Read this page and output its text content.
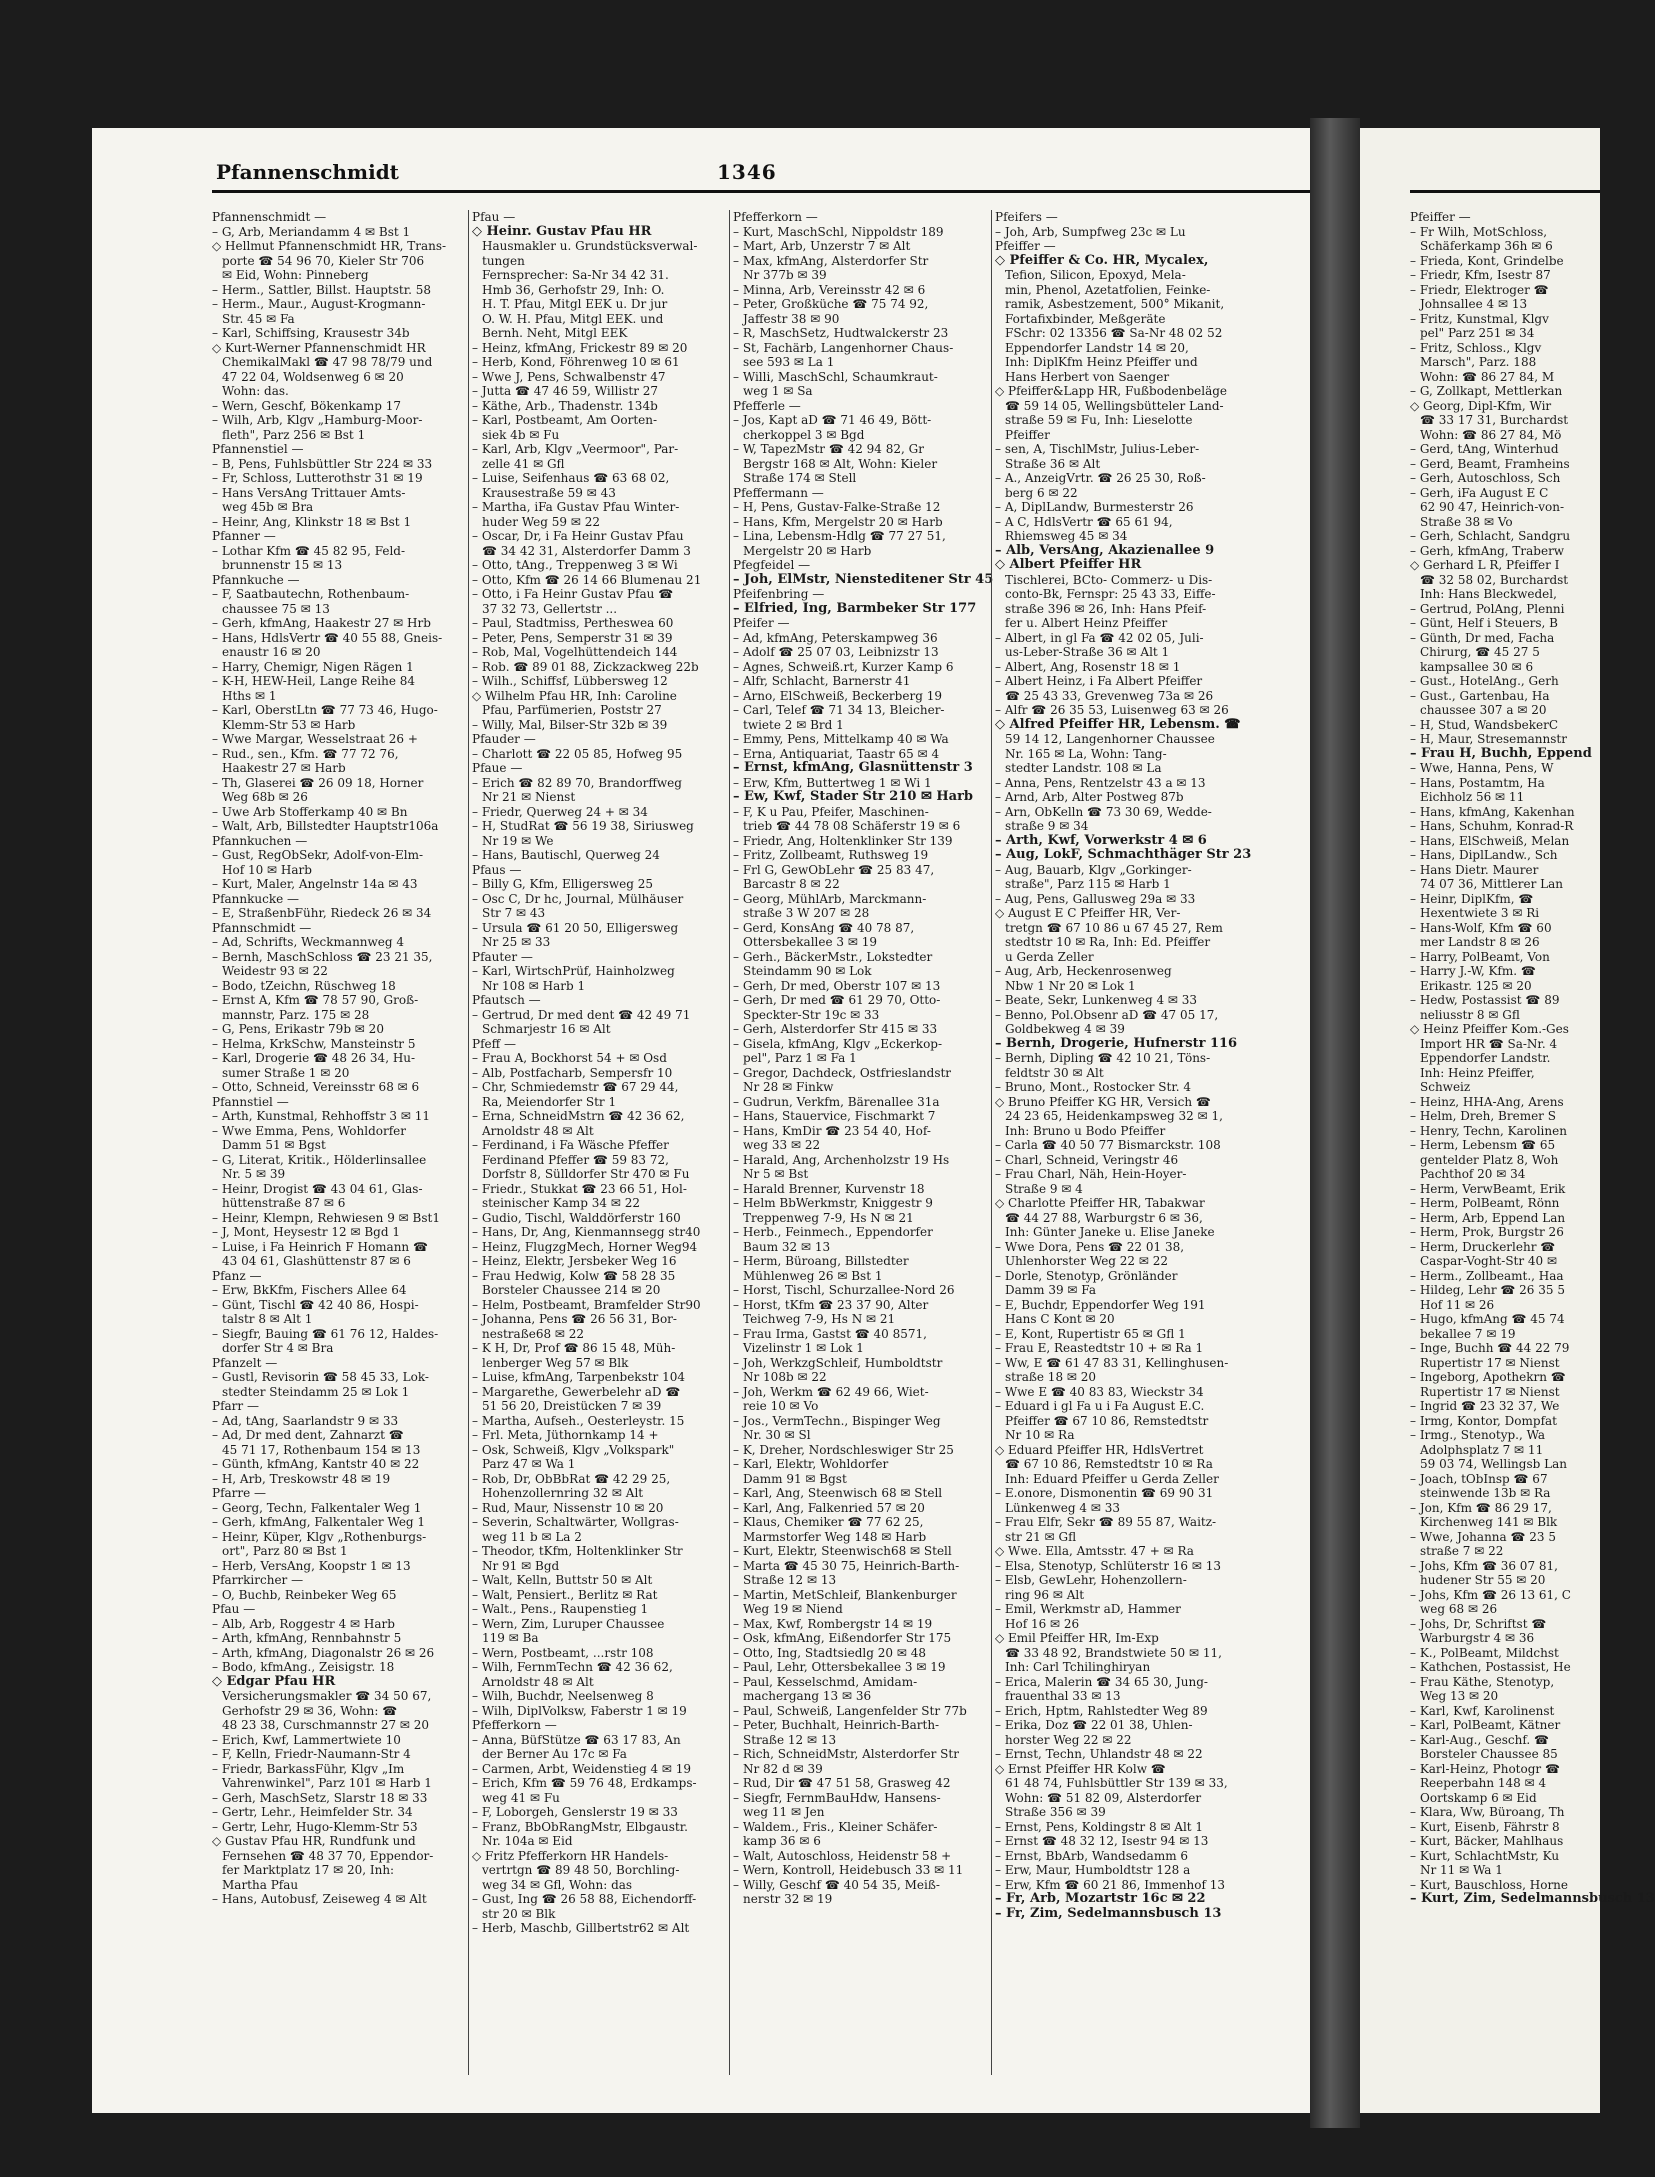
Pfannenschmidt	1346
Pfannenschmidt —
– G, Arb, Meriandamm 4 ✉ Bst 1
◇ Hellmut Pfannenschmidt HR, Trans-
porte ☎ 54 96 70, Kieler Str 706
✉ Eid, Wohn: Pinneberg
– Herm., Sattler, Billst. Hauptstr. 58
– Herm., Maur., August-Krogmann-
Str. 45 ✉ Fa
– Karl, Schiffsing, Krausestr 34b
◇ Kurt-Werner Pfannenschmidt HR
ChemikalMakl ☎ 47 98 78/79 und
47 22 04, Woldsenweg 6 ✉ 20
Wohn: das.
– Wern, Geschf, Bökenkamp 17
– Wilh, Arb, Klgv „Hamburg-Moor-
fleth", Parz 256 ✉ Bst 1
Pfannenstiel —
– B, Pens, Fuhlsbüttler Str 224 ✉ 33
– Fr, Schloss, Lutterothstr 31 ✉ 19
– Hans VersAng Trittauer Amts-
weg 45b ✉ Bra
– Heinr, Ang, Klinkstr 18 ✉ Bst 1
Pfanner —
– Lothar Kfm ☎ 45 82 95, Feld-
brunnenstr 15 ✉ 13
Pfannkuche —
– F, Saatbautechn, Rothenbaum-
chaussee 75 ✉ 13
– Gerh, kfmAng, Haakestr 27 ✉ Hrb
– Hans, HdlsVertr ☎ 40 55 88, Gneis-
enaustr 16 ✉ 20
– Harry, Chemigr, Nigen Rägen 1
– K-H, HEW-Heil, Lange Reihe 84
Hths ✉ 1
– Karl, OberstLtn ☎ 77 73 46, Hugo-
Klemm-Str 53 ✉ Harb
– Wwe Margar, Wesselstraat 26 +
– Rud., sen., Kfm. ☎ 77 72 76,
Haakestr 27 ✉ Harb
– Th, Glaserei ☎ 26 09 18, Horner
Weg 68b ✉ 26
– Uwe Arb Stofferkamp 40 ✉ Bn
– Walt, Arb, Billstedter Hauptstr106a
Pfannkuchen —
– Gust, RegObSekr, Adolf-von-Elm-
Hof 10 ✉ Harb
– Kurt, Maler, Angelnstr 14a ✉ 43
Pfannkucke —
– E, StraßenbFühr, Riedeck 26 ✉ 34
Pfannschmidt —
– Ad, Schrifts, Weckmannweg 4
– Bernh, MaschSchloss ☎ 23 21 35,
Weidestr 93 ✉ 22
– Bodo, tZeichn, Rüschweg 18
– Ernst A, Kfm ☎ 78 57 90, Groß-
mannstr, Parz. 175 ✉ 28
– G, Pens, Erikastr 79b ✉ 20
– Helma, KrkSchw, Mansteinstr 5
– Karl, Drogerie ☎ 48 26 34, Hu-
sumer Straße 1 ✉ 20
– Otto, Schneid, Vereinsstr 68 ✉ 6
Pfannstiel —
– Arth, Kunstmal, Rehhoffstr 3 ✉ 11
– Wwe Emma, Pens, Wohldorfer
Damm 51 ✉ Bgst
– G, Literat, Kritik., Hölderlinsallee
Nr. 5 ✉ 39
– Heinr, Drogist ☎ 43 04 61, Glas-
hüttenstraße 87 ✉ 6
– Heinr, Klempn, Rehwiesen 9 ✉ Bst1
– J, Mont, Heysestr 12 ✉ Bgd 1
– Luise, i Fa Heinrich F Homann ☎
43 04 61, Glashüttenstr 87 ✉ 6
Pfanz —
– Erw, BkKfm, Fischers Allee 64
– Günt, Tischl ☎ 42 40 86, Hospi-
talstr 8 ✉ Alt 1
– Siegfr, Bauing ☎ 61 76 12, Haldes-
dorfer Str 4 ✉ Bra
Pfanzelt —
– Gustl, Revisorin ☎ 58 45 33, Lok-
stedter Steindamm 25 ✉ Lok 1
Pfarr —
– Ad, tAng, Saarlandstr 9 ✉ 33
– Ad, Dr med dent, Zahnarzt ☎
45 71 17, Rothenbaum 154 ✉ 13
– Günth, kfmAng, Kantstr 40 ✉ 22
– H, Arb, Treskowstr 48 ✉ 19
Pfarre —
– Georg, Techn, Falkentaler Weg 1
– Gerh, kfmAng, Falkentaler Weg 1
– Heinr, Küper, Klgv „Rothenburgs-
ort", Parz 80 ✉ Bst 1
– Herb, VersAng, Koopstr 1 ✉ 13
Pfarrkircher —
– O, Buchb, Reinbeker Weg 65
Pfau —
– Alb, Arb, Roggestr 4 ✉ Harb
– Arth, kfmAng, Rennbahnstr 5
– Arth, kfmAng, Diagonalstr 26 ✉ 26
– Bodo, kfmAng., Zeisigstr. 18
◇ Edgar Pfau HR
Versicherungsmakler ☎ 34 50 67,
Gerhofstr 29 ✉ 36, Wohn: ☎
48 23 38, Curschmannstr 27 ✉ 20
– Erich, Kwf, Lammertwiete 10
– F, Kelln, Friedr-Naumann-Str 4
– Friedr, BarkassFühr, Klgv „Im
Vahrenwinkel", Parz 101 ✉ Harb 1
– Gerh, MaschSetz, Slarstr 18 ✉ 33
– Gertr, Lehr., Heimfelder Str. 34
– Gertr, Lehr, Hugo-Klemm-Str 53
◇ Gustav Pfau HR, Rundfunk und
Fernsehen ☎ 48 37 70, Eppendor-
fer Marktplatz 17 ✉ 20, Inh:
Martha Pfau
– Hans, Autobusf, Zeiseweg 4 ✉ Alt
Pfau —
◇ Heinr. Gustav Pfau HR
Hausmakler u. Grundstücksverwal-
tungen
Fernsprecher: Sa-Nr 34 42 31.
Hmb 36, Gerhofstr 29, Inh: O.
H. T. Pfau, Mitgl EEK u. Dr jur
O. W. H. Pfau, Mitgl EEK. und
Bernh. Neht, Mitgl EEK
– Heinz, kfmAng, Frickestr 89 ✉ 20
– Herb, Kond, Föhrenweg 10 ✉ 61
– Wwe J, Pens, Schwalbenstr 47
– Jutta ☎ 47 46 59, Willistr 27
– Käthe, Arb., Thadenstr. 134b
– Karl, Postbeamt, Am Oorten-
siek 4b ✉ Fu
– Karl, Arb, Klgv „Veermoor", Par-
zelle 41 ✉ Gfl
– Luise, Seifenhaus ☎ 63 68 02,
Krausestraße 59 ✉ 43
– Martha, iFa Gustav Pfau Winter-
huder Weg 59 ✉ 22
– Oscar, Dr, i Fa Heinr Gustav Pfau
☎ 34 42 31, Alsterdorfer Damm 3
– Otto, tAng., Treppenweg 3 ✉ Wi
– Otto, Kfm ☎ 26 14 66 Blumenau 21
– Otto, i Fa Heinr Gustav Pfau ☎
37 32 73, Gellertstr ...
– Paul, Stadtmiss, Pertheswea 60
– Peter, Pens, Semperstr 31 ✉ 39
– Rob, Mal, Vogelhüttendeich 144
– Rob. ☎ 89 01 88, Zickzackweg 22b
– Wilh., Schiffsf, Lübbersweg 12
◇ Wilhelm Pfau HR, Inh: Caroline
Pfau, Parfümerien, Poststr 27
– Willy, Mal, Bilser-Str 32b ✉ 39
Pfauder —
– Charlott ☎ 22 05 85, Hofweg 95
Pfaue —
– Erich ☎ 82 89 70, Brandorffweg
Nr 21 ✉ Nienst
– Friedr, Querweg 24 + ✉ 34
– H, StudRat ☎ 56 19 38, Siriusweg
Nr 19 ✉ We
– Hans, Bautischl, Querweg 24
Pfaus —
– Billy G, Kfm, Elligersweg 25
– Osc C, Dr hc, Journal, Mülhäuser
Str 7 ✉ 43
– Ursula ☎ 61 20 50, Elligersweg
Nr 25 ✉ 33
Pfauter —
– Karl, WirtschPrüf, Hainholzweg
Nr 108 ✉ Harb 1
Pfautsch —
– Gertrud, Dr med dent ☎ 42 49 71
Schmarjestr 16 ✉ Alt
Pfeff —
– Frau A, Bockhorst 54 + ✉ Osd
– Alb, Postfacharb, Sempersfr 10
– Chr, Schmiedemstr ☎ 67 29 44,
Ra, Meiendorfer Str 1
– Erna, SchneidMstrn ☎ 42 36 62,
Arnoldstr 48 ✉ Alt
– Ferdinand, i Fa Wäsche Pfeffer
Ferdinand Pfeffer ☎ 59 83 72,
Dorfstr 8, Sülldorfer Str 470 ✉ Fu
– Friedr., Stukkat ☎ 23 66 51, Hol-
steinischer Kamp 34 ✉ 22
– Gudio, Tischl, Walddörferstr 160
– Hans, Dr, Ang, Kienmannsegg str40
– Heinz, FlugzgMech, Horner Weg94
– Heinz, Elektr, Jersbeker Weg 16
– Frau Hedwig, Kolw ☎ 58 28 35
Borsteler Chaussee 214 ✉ 20
– Helm, Postbeamt, Bramfelder Str90
– Johanna, Pens ☎ 26 56 31, Bor-
nestraße68 ✉ 22
– K H, Dr, Prof ☎ 86 15 48, Müh-
lenberger Weg 57 ✉ Blk
– Luise, kfmAng, Tarpenbekstr 104
– Margarethe, Gewerbelehr aD ☎
51 56 20, Dreistücken 7 ✉ 39
– Martha, Aufseh., Oesterleystr. 15
– Frl. Meta, Jüthornkamp 14 +
– Osk, Schweiß, Klgv „Volkspark"
Parz 47 ✉ Wa 1
– Rob, Dr, ObBbRat ☎ 42 29 25,
Hohenzollernring 32 ✉ Alt
– Rud, Maur, Nissenstr 10 ✉ 20
– Severin, Schaltwärter, Wollgras-
weg 11 b ✉ La 2
– Theodor, tKfm, Holtenklinker Str
Nr 91 ✉ Bgd
– Walt, Kelln, Buttstr 50 ✉ Alt
– Walt, Pensiert., Berlitz ✉ Rat
– Walt., Pens., Raupenstieg 1
– Wern, Zim, Luruper Chaussee
119 ✉ Ba
– Wern, Postbeamt, ...rstr 108
– Wilh, FernmTechn ☎ 42 36 62,
Arnoldstr 48 ✉ Alt
– Wilh, Buchdr, Neelsenweg 8
– Wilh, DiplVolksw, Faberstr 1 ✉ 19
Pfefferkorn —
– Anna, BüfStütze ☎ 63 17 83, An
der Berner Au 17c ✉ Fa
– Carmen, Arbt, Weidenstieg 4 ✉ 19
– Erich, Kfm ☎ 59 76 48, Erdkamps-
weg 41 ✉ Fu
– F, Loborgeh, Genslerstr 19 ✉ 33
– Franz, BbObRangMstr, Elbgaustr.
Nr. 104a ✉ Eid
◇ Fritz Pfefferkorn HR Handels-
vertrtgn ☎ 89 48 50, Borchling-
weg 34 ✉ Gfl, Wohn: das
– Gust, Ing ☎ 26 58 88, Eichendorff-
str 20 ✉ Blk
– Herb, Maschb, Gillbertstr62 ✉ Alt
Pfefferkorn —
– Kurt, MaschSchl, Nippoldstr 189
– Mart, Arb, Unzerstr 7 ✉ Alt
– Max, kfmAng, Alsterdorfer Str
Nr 377b ✉ 39
– Minna, Arb, Vereinsstr 42 ✉ 6
– Peter, Großküche ☎ 75 74 92,
Jaffestr 38 ✉ 90
– R, MaschSetz, Hudtwalckerstr 23
– St, Fachärb, Langenhorner Chaus-
see 593 ✉ La 1
– Willi, MaschSchl, Schaumkraut-
weg 1 ✉ Sa
Pfefferle —
– Jos, Kapt aD ☎ 71 46 49, Bött-
cherkoppel 3 ✉ Bgd
– W, TapezMstr ☎ 42 94 82, Gr
Bergstr 168 ✉ Alt, Wohn: Kieler
Straße 174 ✉ Stell
Pfeffermann —
– H, Pens, Gustav-Falke-Straße 12
– Hans, Kfm, Mergelstr 20 ✉ Harb
– Lina, Lebensm-Hdlg ☎ 77 27 51,
Mergelstr 20 ✉ Harb
Pfegfeidel —
– Joh, ElMstr, Niensteditener Str 45
Pfeifenbring —
– Elfried, Ing, Barmbeker Str 177
Pfeifer —
– Ad, kfmAng, Peterskampweg 36
– Adolf ☎ 25 07 03, Leibnizstr 13
– Agnes, Schweiß.rt, Kurzer Kamp 6
– Alfr, Schlacht, Barnerstr 41
– Arno, ElSchweiß, Beckerberg 19
– Carl, Telef ☎ 71 34 13, Bleicher-
twiete 2 ✉ Brd 1
– Emmy, Pens, Mittelkamp 40 ✉ Wa
– Erna, Antiquariat, Taastr 65 ✉ 4
– Ernst, kfmAng, Glasnüttenstr 3
– Erw, Kfm, Buttertweg 1 ✉ Wi 1
– Ew, Kwf, Stader Str 210 ✉ Harb
– F, K u Pau, Pfeifer, Maschinen-
trieb ☎ 44 78 08 Schäferstr 19 ✉ 6
– Friedr, Ang, Holtenklinker Str 139
– Fritz, Zollbeamt, Ruthsweg 19
– Frl G, GewObLehr ☎ 25 83 47,
Barcastr 8 ✉ 22
– Georg, MühlArb, Marckmann-
straße 3 W 207 ✉ 28
– Gerd, KonsAng ☎ 40 78 87,
Ottersbekallee 3 ✉ 19
– Gerh., BäckerMstr., Lokstedter
Steindamm 90 ✉ Lok
– Gerh, Dr med, Oberstr 107 ✉ 13
– Gerh, Dr med ☎ 61 29 70, Otto-
Speckter-Str 19c ✉ 33
– Gerh, Alsterdorfer Str 415 ✉ 33
– Gisela, kfmAng, Klgv „Eckerkop-
pel", Parz 1 ✉ Fa 1
– Gregor, Dachdeck, Ostfrieslandstr
Nr 28 ✉ Finkw
– Gudrun, Verkfm, Bärenallee 31a
– Hans, Stauervice, Fischmarkt 7
– Hans, KmDir ☎ 23 54 40, Hof-
weg 33 ✉ 22
– Harald, Ang, Archenholzstr 19 Hs
Nr 5 ✉ Bst
– Harald Brenner, Kurvenstr 18
– Helm BbWerkmstr, Kniggestr 9
Treppenweg 7-9, Hs N ✉ 21
– Herb., Feinmech., Eppendorfer
Baum 32 ✉ 13
– Herm, Büroang, Billstedter
Mühlenweg 26 ✉ Bst 1
– Horst, Tischl, Schurzallee-Nord 26
– Horst, tKfm ☎ 23 37 90, Alter
Teichweg 7-9, Hs N ✉ 21
– Frau Irma, Gastst ☎ 40 8571,
Vizelinstr 1 ✉ Lok 1
– Joh, WerkzgSchleif, Humboldtstr
Nr 108b ✉ 22
– Joh, Werkm ☎ 62 49 66, Wiet-
reie 10 ✉ Vo
– Jos., VermTechn., Bispinger Weg
Nr. 30 ✉ Sl
– K, Dreher, Nordschleswiger Str 25
– Karl, Elektr, Wohldorfer
Damm 91 ✉ Bgst
– Karl, Ang, Steenwisch 68 ✉ Stell
– Karl, Ang, Falkenried 57 ✉ 20
– Klaus, Chemiker ☎ 77 62 25,
Marmstorfer Weg 148 ✉ Harb
– Kurt, Elektr, Steenwisch68 ✉ Stell
– Marta ☎ 45 30 75, Heinrich-Barth-
Straße 12 ✉ 13
– Martin, MetSchleif, Blankenburger
Weg 19 ✉ Niend
– Max, Kwf, Rombergstr 14 ✉ 19
– Osk, kfmAng, Eißendorfer Str 175
– Otto, Ing, Stadtsiedlg 20 ✉ 48
– Paul, Lehr, Ottersbekallee 3 ✉ 19
– Paul, Kesselschmd, Amidam-
machergang 13 ✉ 36
– Paul, Schweiß, Langenfelder Str 77b
– Peter, Buchhalt, Heinrich-Barth-
Straße 12 ✉ 13
– Rich, SchneidMstr, Alsterdorfer Str
Nr 82 d ✉ 39
– Rud, Dir ☎ 47 51 58, Grasweg 42
– Siegfr, FernmBauHdw, Hansens-
weg 11 ✉ Jen
– Waldem., Fris., Kleiner Schäfer-
kamp 36 ✉ 6
– Walt, Autoschloss, Heidenstr 58 +
– Wern, Kontroll, Heidebusch 33 ✉ 11
– Willy, Geschf ☎ 40 54 35, Meiß-
nerstr 32 ✉ 19
Pfeifers —
– Joh, Arb, Sumpfweg 23c ✉ Lu
Pfeiffer —
◇ Pfeiffer & Co. HR, Mycalex,
Tefion, Silicon, Epoxyd, Mela-
min, Phenol, Azetatfolien, Feinke-
ramik, Asbestzement, 500° Mikanit,
Fortafixbinder, Meßgeräte
FSchr: 02 13356 ☎ Sa-Nr 48 02 52
Eppendorfer Landstr 14 ✉ 20,
Inh: DiplKfm Heinz Pfeiffer und
Hans Herbert von Saenger
◇ Pfeiffer&Lapp HR, Fußbodenbeläge
☎ 59 14 05, Wellingsbütteler Land-
straße 59 ✉ Fu, Inh: Lieselotte
Pfeiffer
– sen, A, TischlMstr, Julius-Leber-
Straße 36 ✉ Alt
– A., AnzeigVrtr. ☎ 26 25 30, Roß-
berg 6 ✉ 22
– A, DiplLandw, Burmesterstr 26
– A C, HdlsVertr ☎ 65 61 94,
Rhiemsweg 45 ✉ 34
– Alb, VersAng, Akazienallee 9
◇ Albert Pfeiffer HR
Tischlerei, BCto- Commerz- u Dis-
conto-Bk, Fernspr: 25 43 33, Eiffe-
straße 396 ✉ 26, Inh: Hans Pfeif-
fer u. Albert Heinz Pfeiffer
– Albert, in gl Fa ☎ 42 02 05, Juli-
us-Leber-Straße 36 ✉ Alt 1
– Albert, Ang, Rosenstr 18 ✉ 1
– Albert Heinz, i Fa Albert Pfeiffer
☎ 25 43 33, Grevenweg 73a ✉ 26
– Alfr ☎ 26 35 53, Luisenweg 63 ✉ 26
◇ Alfred Pfeiffer HR, Lebensm. ☎
59 14 12, Langenhorner Chaussee
Nr. 165 ✉ La, Wohn: Tang-
stedter Landstr. 108 ✉ La
– Anna, Pens, Rentzelstr 43 a ✉ 13
– Arnd, Arb, Alter Postweg 87b
– Arn, ObKelln ☎ 73 30 69, Wedde-
straße 9 ✉ 34
– Arth, Kwf, Vorwerkstr 4 ✉ 6
– Aug, LokF, Schmachthäger Str 23
– Aug, Bauarb, Klgv „Gorkinger-
straße", Parz 115 ✉ Harb 1
– Aug, Pens, Gallusweg 29a ✉ 33
◇ August E C Pfeiffer HR, Ver-
tretgn ☎ 67 10 86 u 67 45 27, Rem
stedtstr 10 ✉ Ra, Inh: Ed. Pfeiffer
u Gerda Zeller
– Aug, Arb, Heckenrosenweg
Nbw 1 Nr 20 ✉ Lok 1
– Beate, Sekr, Lunkenweg 4 ✉ 33
– Benno, Pol.Obsenr aD ☎ 47 05 17,
Goldbekweg 4 ✉ 39
– Bernh, Drogerie, Hufnerstr 116
– Bernh, Dipling ☎ 42 10 21, Töns-
feldtstr 30 ✉ Alt
– Bruno, Mont., Rostocker Str. 4
◇ Bruno Pfeiffer KG HR, Versich ☎
24 23 65, Heidenkampsweg 32 ✉ 1,
Inh: Bruno u Bodo Pfeiffer
– Carla ☎ 40 50 77 Bismarckstr. 108
– Charl, Schneid, Veringstr 46
– Frau Charl, Näh, Hein-Hoyer-
Straße 9 ✉ 4
◇ Charlotte Pfeiffer HR, Tabakwar
☎ 44 27 88, Warburgstr 6 ✉ 36,
Inh: Günter Janeke u. Elise Janeke
– Wwe Dora, Pens ☎ 22 01 38,
Uhlenhorster Weg 22 ✉ 22
– Dorle, Stenotyp, Grönländer
Damm 39 ✉ Fa
– E, Buchdr, Eppendorfer Weg 191
Hans C Kont ✉ 20
– E, Kont, Rupertistr 65 ✉ Gfl 1
– Frau E, Reastedtstr 10 + ✉ Ra 1
– Ww, E ☎ 61 47 83 31, Kellinghusen-
straße 18 ✉ 20
– Wwe E ☎ 40 83 83, Wieckstr 34
– Eduard i gl Fa u i Fa August E.C.
Pfeiffer ☎ 67 10 86, Remstedtstr
Nr 10 ✉ Ra
◇ Eduard Pfeiffer HR, HdlsVertret
☎ 67 10 86, Remstedtstr 10 ✉ Ra
Inh: Eduard Pfeiffer u Gerda Zeller
– E.onore, Dismonentin ☎ 69 90 31
Lünkenweg 4 ✉ 33
– Frau Elfr, Sekr ☎ 89 55 87, Waitz-
str 21 ✉ Gfl
◇ Wwe. Ella, Amtsstr. 47 + ✉ Ra
– Elsa, Stenotyp, Schlüterstr 16 ✉ 13
– Elsb, GewLehr, Hohenzollern-
ring 96 ✉ Alt
– Emil, Werkmstr aD, Hammer
Hof 16 ✉ 26
◇ Emil Pfeiffer HR, Im-Exp
☎ 33 48 92, Brandstwiete 50 ✉ 11,
Inh: Carl Tchilinghiryan
– Erica, Malerin ☎ 34 65 30, Jung-
frauenthal 33 ✉ 13
– Erich, Hptm, Rahlstedter Weg 89
– Erika, Doz ☎ 22 01 38, Uhlen-
horster Weg 22 ✉ 22
– Ernst, Techn, Uhlandstr 48 ✉ 22
◇ Ernst Pfeiffer HR Kolw ☎
61 48 74, Fuhlsbüttler Str 139 ✉ 33,
Wohn: ☎ 51 82 09, Alsterdorfer
Straße 356 ✉ 39
– Ernst, Pens, Koldingstr 8 ✉ Alt 1
– Ernst ☎ 48 32 12, Isestr 94 ✉ 13
– Ernst, BbArb, Wandsedamm 6
– Erw, Maur, Humboldtstr 128 a
– Erw, Kfm ☎ 60 21 86, Immenhof 13
– Fr, Arb, Mozartstr 16c ✉ 22
– Fr, Zim, Sedelmannsbusch 13
Pfeiffer —
– Fr Wilh, MotSchloss,
Schäferkamp 36h ✉ 6
– Frieda, Kont, Grindelbe
– Friedr, Kfm, Isestr 87
– Friedr, Elektroger ☎
Johnsallee 4 ✉ 13
– Fritz, Kunstmal, Klgv
pel" Parz 251 ✉ 34
– Fritz, Schloss., Klgv
Marsch", Parz. 188
Wohn: ☎ 86 27 84, M
– G, Zollkapt, Mettlerkan
◇ Georg, Dipl-Kfm, Wir
☎ 33 17 31, Burchardst
Wohn: ☎ 86 27 84, Mö
– Gerd, tAng, Winterhud
– Gerd, Beamt, Framheins
– Gerh, Autoschloss, Sch
– Gerh, iFa August E C
62 90 47, Heinrich-von-
Straße 38 ✉ Vo
– Gerh, Schlacht, Sandgru
– Gerh, kfmAng, Traberw
◇ Gerhard L R, Pfeiffer I
☎ 32 58 02, Burchardst
Inh: Hans Bleckwedel,
– Gertrud, PolAng, Plenni
– Günt, Helf i Steuers, B
– Günth, Dr med, Facha
Chirurg, ☎ 45 27 5
kampsallee 30 ✉ 6
– Gust., HotelAng., Gerh
– Gust., Gartenbau, Ha
chaussee 307 a ✉ 20
– H, Stud, WandsbekerC
– H, Maur, Stresemannstr
– Frau H, Buchh, Eppend
– Wwe, Hanna, Pens, W
– Hans, Postamtm, Ha
Eichholz 56 ✉ 11
– Hans, kfmAng, Kakenhan
– Hans, Schuhm, Konrad-R
– Hans, ElSchweiß, Melan
– Hans, DiplLandw., Sch
– Hans Dietr. Maurer
74 07 36, Mittlerer Lan
– Heinr, DiplKfm, ☎
Hexentwiete 3 ✉ Ri
– Hans-Wolf, Kfm ☎ 60
mer Landstr 8 ✉ 26
– Harry, PolBeamt, Von
– Harry J.-W, Kfm. ☎
Erikastr. 125 ✉ 20
– Hedw, Postassist ☎ 89
neliusstr 8 ✉ Gfl
◇ Heinz Pfeiffer Kom.-Ges
Import HR ☎ Sa-Nr. 4
Eppendorfer Landstr.
Inh: Heinz Pfeiffer,
Schweiz
– Heinz, HHA-Ang, Arens
– Helm, Dreh, Bremer S
– Henry, Techn, Karolinen
– Herm, Lebensm ☎ 65
gentelder Platz 8, Woh
Pachthof 20 ✉ 34
– Herm, VerwBeamt, Erik
– Herm, PolBeamt, Rönn
– Herm, Arb, Eppend Lan
– Herm, Prok, Burgstr 26
– Herm, Druckerlehr ☎
Caspar-Voght-Str 40 ✉
– Herm., Zollbeamt., Haa
– Hildeg, Lehr ☎ 26 35 5
Hof 11 ✉ 26
– Hugo, kfmAng ☎ 45 74
bekallee 7 ✉ 19
– Inge, Buchh ☎ 44 22 79
Rupertistr 17 ✉ Nienst
– Ingeborg, Apothekrn ☎
Rupertistr 17 ✉ Nienst
– Ingrid ☎ 23 32 37, We
– Irmg, Kontor, Dompfat
– Irmg., Stenotyp., Wa
Adolphsplatz 7 ✉ 11
59 03 74, Wellingsb Lan
– Joach, tObInsp ☎ 67
steinwende 13b ✉ Ra
– Jon, Kfm ☎ 86 29 17,
Kirchenweg 141 ✉ Blk
– Wwe, Johanna ☎ 23 5
straße 7 ✉ 22
– Johs, Kfm ☎ 36 07 81,
hudener Str 55 ✉ 20
– Johs, Kfm ☎ 26 13 61, C
weg 68 ✉ 26
– Johs, Dr, Schriftst ☎
Warburgstr 4 ✉ 36
– K., PolBeamt, Mildchst
– Kathchen, Postassist, He
– Frau Käthe, Stenotyp,
Weg 13 ✉ 20
– Karl, Kwf, Karolinenst
– Karl, PolBeamt, Kätner
– Karl-Aug., Geschf. ☎
Borsteler Chaussee 85
– Karl-Heinz, Photogr ☎
Reeperbahn 148 ✉ 4
Oortskamp 6 ✉ Eid
– Klara, Ww, Büroang, Th
– Kurt, Eisenb, Fährstr 8
– Kurt, Bäcker, Mahlhaus
– Kurt, SchlachtMstr, Ku
Nr 11 ✉ Wa 1
– Kurt, Bauschloss, Horne
– Kurt, Zim, Sedelmannsbusch 13
